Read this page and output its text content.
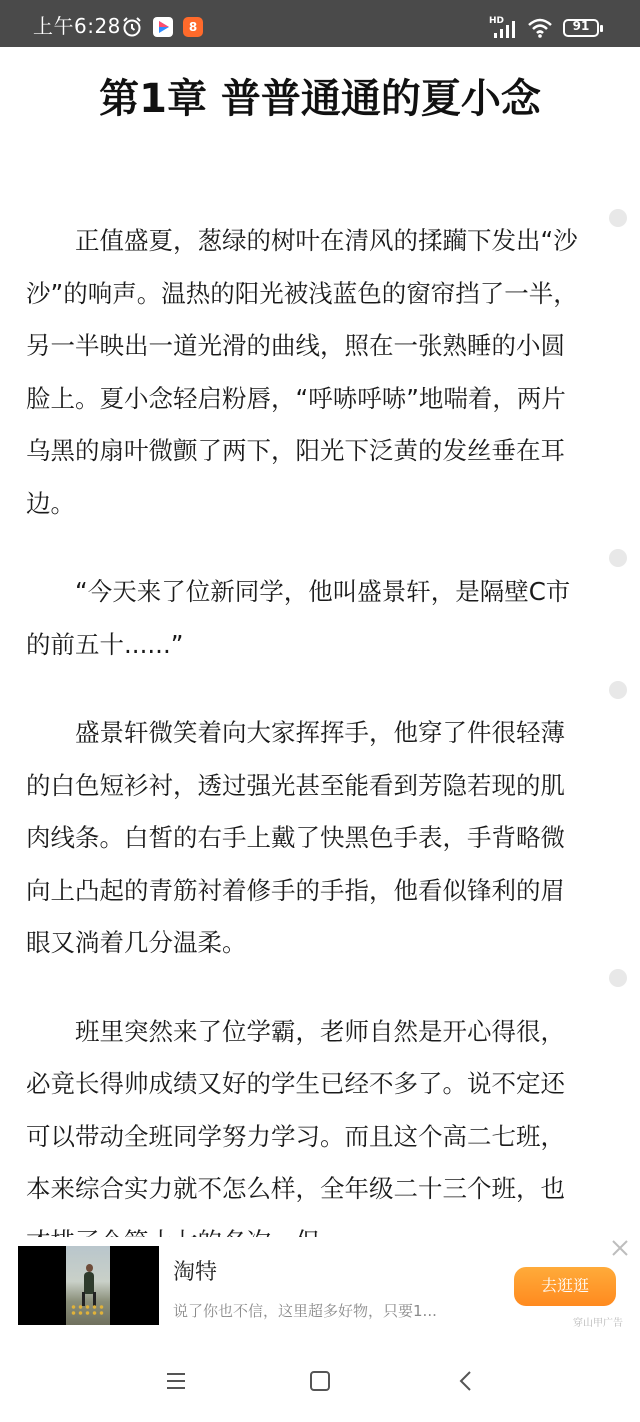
上午6:28	8	HD	91
第1章 普普通通的夏小念

正值盛夏，葱绿的树叶在清风的揉躏下发出“沙沙”的响声。温热的阳光被浅蓝色的窗帘挡了一半，另一半映出一道光滑的曲线，照在一张熟睡的小圆脸上。夏小念轻启粉唇，“呼哧呼哧”地喘着，两片乌黑的扇叶微颤了两下，阳光下泛黄的发丝垂在耳边。

“今天来了位新同学，他叫盛景轩，是隔壁C市的前五十......”

盛景轩微笑着向大家挥挥手，他穿了件很轻薄的白色短衫衬，透过强光甚至能看到芳隐若现的肌肉线条。白皙的右手上戴了快黑色手表，手背略微向上凸起的青筋衬着修手的手指，他看似锋利的眉眼又淌着几分温柔。

班里突然来了位学霸，老师自然是开心得很，必竟长得帅成绩又好的学生已经不多了。说不定还可以带动全班同学努力学习。而且这个高二七班，本来综合实力就不怎么样，全年级二十三个班，也

淘特
说了你也不信，这里超多好物，只要1...
去逛逛
穿山甲广告
